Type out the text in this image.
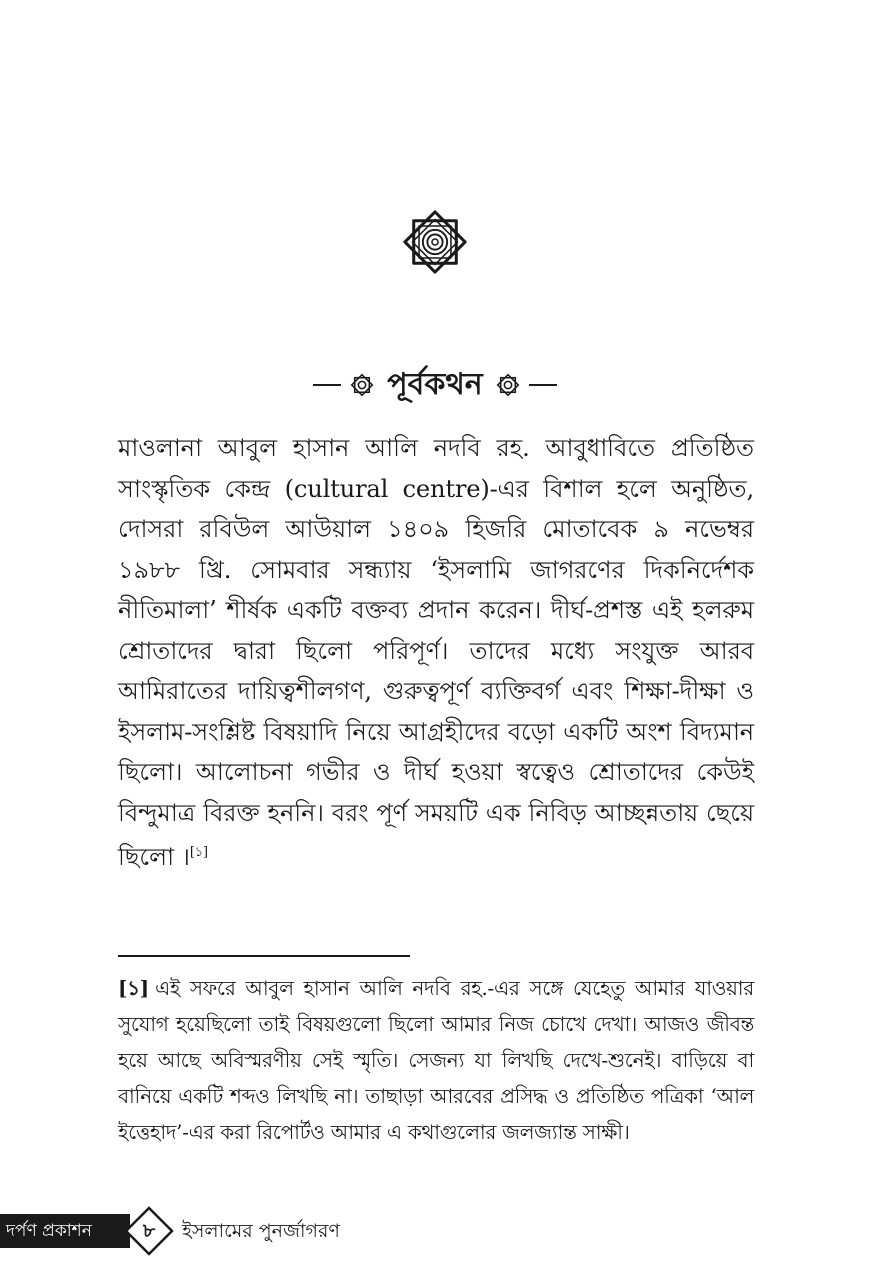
পূর্বকথন

মাওলানা আবুল হাসান আলি নদবি রহ. আবুধাবিতে প্রতিষ্ঠিত সাংস্কৃতিক কেন্দ্র (cultural centre)-এর বিশাল হলে অনুষ্ঠিত, দোসরা রবিউল আউয়াল ১৪০৯ হিজরি মোতাবেক ৯ নভেম্বর ১৯৮৮ খ্রি. সোমবার সন্ধ্যায় ‘ইসলামি জাগরণের দিকনির্দেশক নীতিমালা’ শীর্ষক একটি বক্তব্য প্রদান করেন। দীর্ঘ-প্রশস্ত এই হলরুম শ্রোতাদের দ্বারা ছিলো পরিপূর্ণ। তাদের মধ্যে সংযুক্ত আরব আমিরাতের দায়িত্বশীলগণ, গুরুত্বপূর্ণ ব্যক্তিবর্গ এবং শিক্ষা-দীক্ষা ও ইসলাম-সংশ্লিষ্ট বিষয়াদি নিয়ে আগ্রহীদের বড়ো একটি অংশ বিদ্যমান ছিলো। আলোচনা গভীর ও দীর্ঘ হওয়া স্বত্বেও শ্রোতাদের কেউই বিন্দুমাত্র বিরক্ত হননি। বরং পূর্ণ সময়টি এক নিবিড় আচ্ছন্নতায় ছেয়ে ছিলো ।[১]

[১] এই সফরে আবুল হাসান আলি নদবি রহ.-এর সঙ্গে যেহেতু আমার যাওয়ার সুযোগ হয়েছিলো তাই বিষয়গুলো ছিলো আমার নিজ চোখে দেখা। আজও জীবন্ত হয়ে আছে অবিস্মরণীয় সেই স্মৃতি। সেজন্য যা লিখছি দেখে-শুনেই। বাড়িয়ে বা বানিয়ে একটি শব্দও লিখছি না। তাছাড়া আরবের প্রসিদ্ধ ও প্রতিষ্ঠিত পত্রিকা ‘আল ইত্তেহাদ’-এর করা রিপোর্টও আমার এ কথাগুলোর জলজ্যান্ত সাক্ষী।

দর্পণ প্রকাশন	৮	ইসলামের পুনর্জাগরণ
